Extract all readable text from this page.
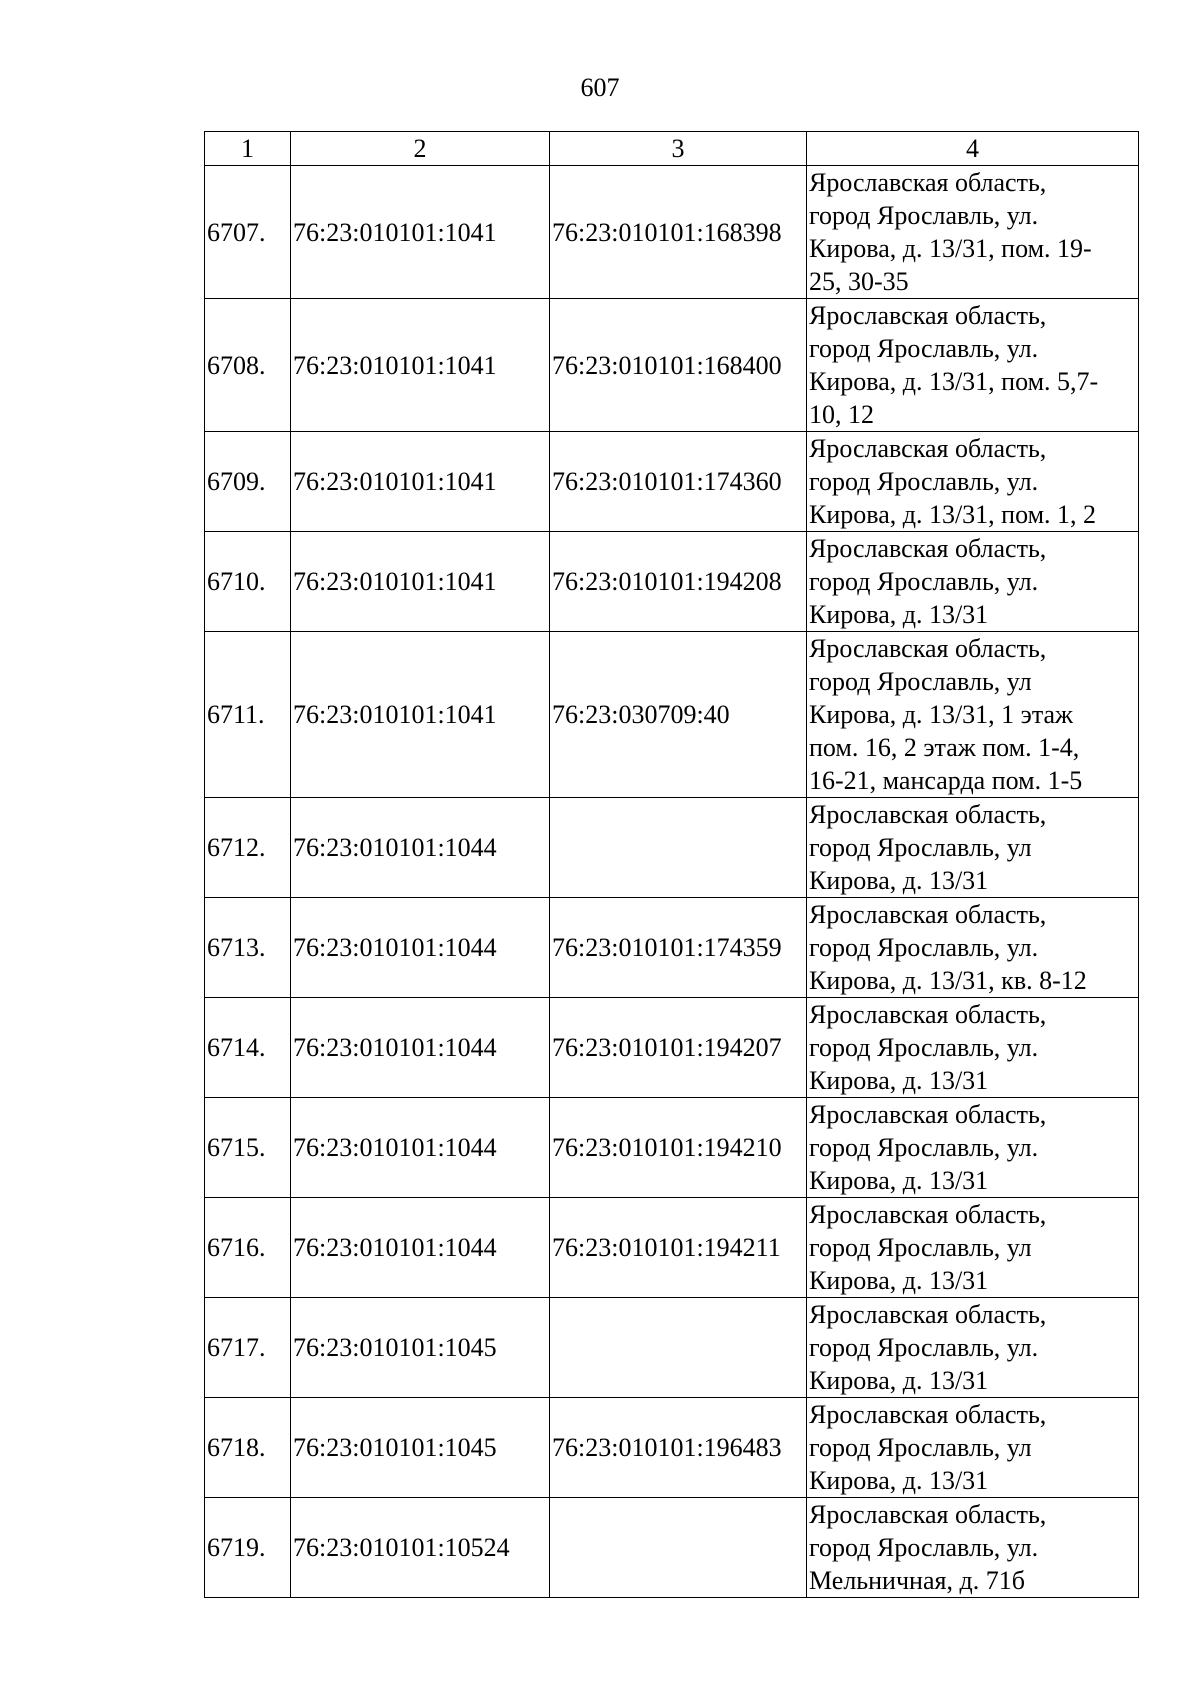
607
1	2	3	4
6707.	76:23:010101:1041	76:23:010101:168398	Ярославская область,
город Ярославль, ул.
Кирова, д. 13/31, пом. 19-
25, 30-35

6708.	76:23:010101:1041	76:23:010101:168400	Ярославская область,
город Ярославль, ул.
Кирова, д. 13/31, пом. 5,7-
10, 12

6709.	76:23:010101:1041	76:23:010101:174360	Ярославская область,
город Ярославль, ул.
Кирова, д. 13/31, пом. 1, 2

6710.	76:23:010101:1041	76:23:010101:194208	Ярославская область,
город Ярославль, ул.
Кирова, д. 13/31

6711.	76:23:010101:1041	76:23:030709:40	Ярославская область,
город Ярославль, ул
Кирова, д. 13/31, 1 этаж
пом. 16, 2 этаж пом. 1-4,
16-21, мансарда пом. 1-5

6712.	76:23:010101:1044		Ярославская область,
город Ярославль, ул
Кирова, д. 13/31

6713.	76:23:010101:1044	76:23:010101:174359	Ярославская область,
город Ярославль, ул.
Кирова, д. 13/31, кв. 8-12

6714.	76:23:010101:1044	76:23:010101:194207	Ярославская область,
город Ярославль, ул.
Кирова, д. 13/31

6715.	76:23:010101:1044	76:23:010101:194210	Ярославская область,
город Ярославль, ул.
Кирова, д. 13/31

6716.	76:23:010101:1044	76:23:010101:194211	Ярославская область,
город Ярославль, ул
Кирова, д. 13/31

6717.	76:23:010101:1045		Ярославская область,
город Ярославль, ул.
Кирова, д. 13/31

6718.	76:23:010101:1045	76:23:010101:196483	Ярославская область,
город Ярославль, ул
Кирова, д. 13/31

6719.	76:23:010101:10524		Ярославская область,
город Ярославль, ул.
Мельничная, д. 71б
